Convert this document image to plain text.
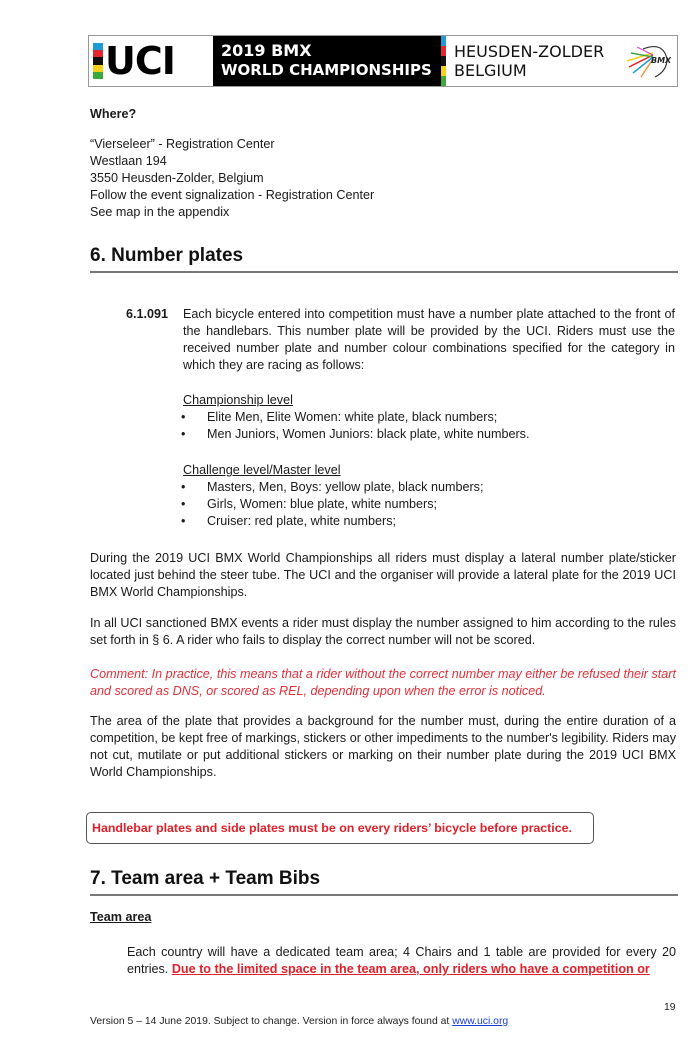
UCI	2019 BMX
WORLD CHAMPIONSHIPS
HEUSDEN-ZOLDER
BELGIUM
BMX
Where?
“Vierseleer” - Registration Center
Westlaan 194
3550 Heusden-Zolder, Belgium
Follow the event signalization - Registration Center
See map in the appendix
6. Number plates
6.1.091 Each bicycle entered into competition must have a number plate attached to the front of the handlebars. This number plate will be provided by the UCI. Riders must use the received number plate and number colour combinations specified for the category in which they are racing as follows:
Championship level
•	Elite Men, Elite Women: white plate, black numbers;
•	Men Juniors, Women Juniors: black plate, white numbers.
Challenge level/Master level
•	Masters, Men, Boys: yellow plate, black numbers;
•	Girls, Women: blue plate, white numbers;
•	Cruiser: red plate, white numbers;
During the 2019 UCI BMX World Championships all riders must display a lateral number plate/sticker located just behind the steer tube. The UCI and the organiser will provide a lateral plate for the 2019 UCI BMX World Championships.
In all UCI sanctioned BMX events a rider must display the number assigned to him according to the rules set forth in § 6. A rider who fails to display the correct number will not be scored.
Comment: In practice, this means that a rider without the correct number may either be refused their start and scored as DNS, or scored as REL, depending upon when the error is noticed.
The area of the plate that provides a background for the number must, during the entire duration of a competition, be kept free of markings, stickers or other impediments to the number's legibility. Riders may not cut, mutilate or put additional stickers or marking on their number plate during the 2019 UCI BMX World Championships.
Handlebar plates and side plates must be on every riders’ bicycle before practice.
7. Team area + Team Bibs
Team area
Each country will have a dedicated team area; 4 Chairs and 1 table are provided for every 20 entries. Due to the limited space in the team area, only riders who have a competition or
19
Version 5 – 14 June 2019. Subject to change. Version in force always found at www.uci.org
